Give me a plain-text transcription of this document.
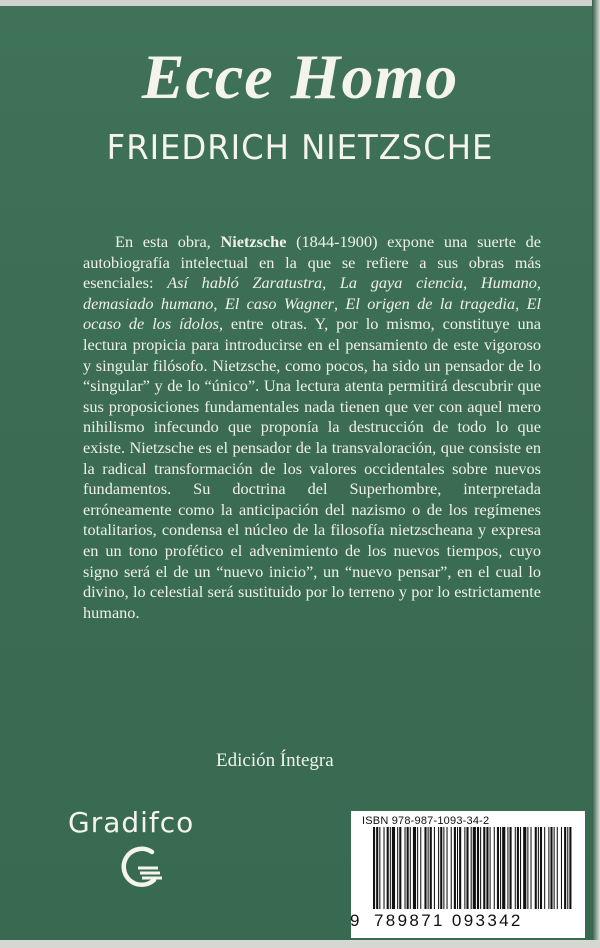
Ecce Homo
FRIEDRICH NIETZSCHE

En esta obra, Nietzsche (1844-1900) expone una suerte de autobiografía intelectual en la que se refiere a sus obras más esenciales: Así habló Zaratustra, La gaya ciencia, Humano, demasiado humano, El caso Wagner, El origen de la tragedia, El ocaso de los ídolos, entre otras. Y, por lo mismo, constituye una lectura propicia para introducirse en el pensamiento de este vigoroso y singular filósofo. Nietzsche, como pocos, ha sido un pensador de lo “singular” y de lo “único”. Una lectura atenta permitirá descubrir que sus proposiciones fundamentales nada tienen que ver con aquel mero nihilismo infecundo que proponía la destrucción de todo lo que existe. Nietzsche es el pensador de la transvaloración, que consiste en la radical transformación de los valores occidentales sobre nuevos fundamentos. Su doctrina del Superhombre, interpretada erróneamente como la anticipación del nazismo o de los regímenes totalitarios, condensa el núcleo de la filosofía nietzscheana y expresa en un tono profético el advenimiento de los nuevos tiempos, cuyo signo será el de un “nuevo inicio”, un “nuevo pensar”, en el cual lo divino, lo celestial será sustituido por lo terreno y por lo estrictamente humano.

Edición Íntegra
Gradifco	ISBN 978-987-1093-34-2
9 789871 093342
